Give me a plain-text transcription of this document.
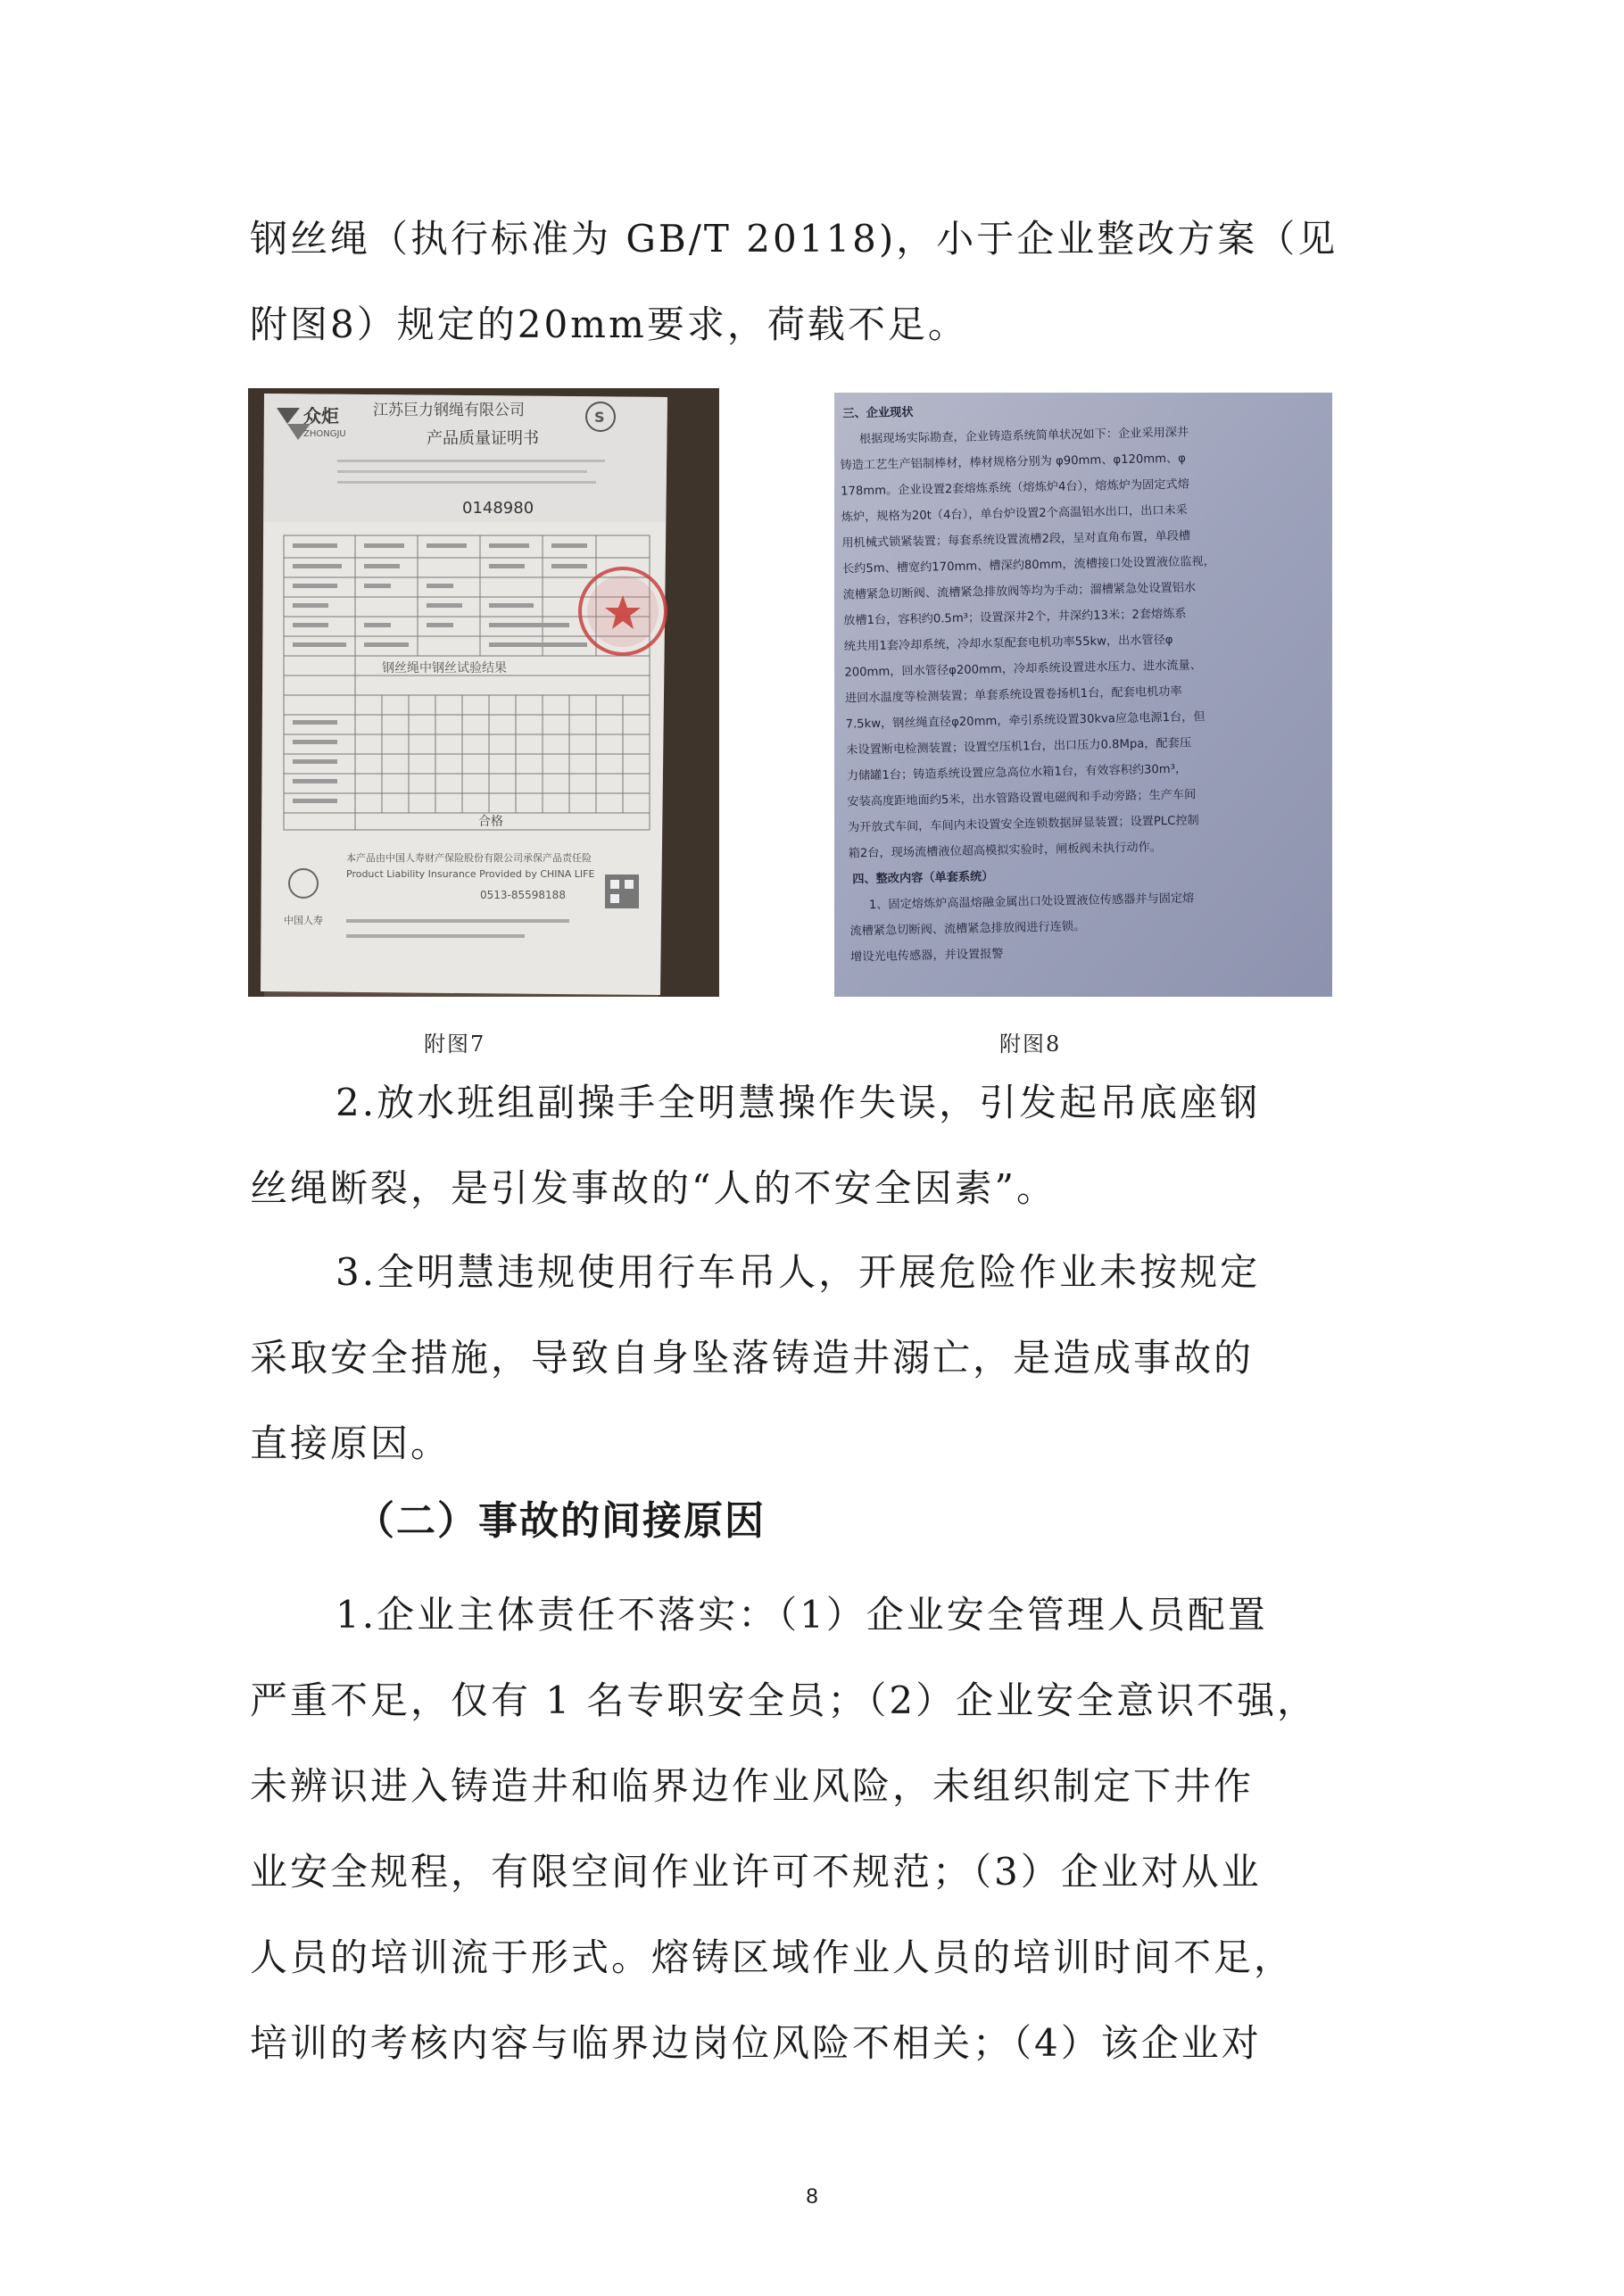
钢丝绳（执行标准为 GB/T 20118)，小于企业整改方案（见
附图8）规定的20mm要求，荷载不足。
众炬
ZHONGJU
江苏巨力钢绳有限公司
产品质量证明书
S
0148980
钢丝绳中钢丝试验结果
合格
中国人寿
本产品由中国人寿财产保险股份有限公司承保产品责任险
Product Liability Insurance Provided by CHINA LIFE
0513-85598188
附图7
三、企业现状
根据现场实际勘查，企业铸造系统简单状况如下：企业采用深井
铸造工艺生产铝制棒材，棒材规格分别为 φ90mm、φ120mm、φ
178mm。企业设置2套熔炼系统（熔炼炉4台），熔炼炉为固定式熔
炼炉，规格为20t（4台），单台炉设置2个高温铝水出口，出口未采
用机械式锁紧装置；每套系统设置流槽2段，呈对直角布置，单段槽
长约5m、槽宽约170mm、槽深约80mm，流槽接口处设置液位监视，
流槽紧急切断阀、流槽紧急排放阀等均为手动；溜槽紧急处设置铝水
放槽1台，容积约0.5m³；设置深井2个，井深约13米；2套熔炼系
统共用1套冷却系统，冷却水泵配套电机功率55kw，出水管径φ
200mm，回水管径φ200mm，冷却系统设置进水压力、进水流量、
进回水温度等检测装置；单套系统设置卷扬机1台，配套电机功率
7.5kw，钢丝绳直径φ20mm，牵引系统设置30kva应急电源1台，但
未设置断电检测装置；设置空压机1台，出口压力0.8Mpa，配套压
力储罐1台；铸造系统设置应急高位水箱1台，有效容积约30m³，
安装高度距地面约5米，出水管路设置电磁阀和手动旁路；生产车间
为开放式车间，车间内未设置安全连锁数据屏显装置；设置PLC控制
箱2台，现场流槽液位超高模拟实验时，闸板阀未执行动作。
四、整改内容（单套系统）
1、固定熔炼炉高温熔融金属出口处设置液位传感器并与固定熔
流槽紧急切断阀、流槽紧急排放阀进行连锁。
增设光电传感器，并设置报警
附图8
2.放水班组副操手全明慧操作失误，引发起吊底座钢
丝绳断裂，是引发事故的“人的不安全因素”。
3.全明慧违规使用行车吊人，开展危险作业未按规定
采取安全措施，导致自身坠落铸造井溺亡，是造成事故的
直接原因。
（二）事故的间接原因
1.企业主体责任不落实：（1）企业安全管理人员配置
严重不足，仅有 1 名专职安全员；（2）企业安全意识不强，
未辨识进入铸造井和临界边作业风险，未组织制定下井作
业安全规程，有限空间作业许可不规范；（3）企业对从业
人员的培训流于形式。熔铸区域作业人员的培训时间不足，
培训的考核内容与临界边岗位风险不相关；（4）该企业对
8
